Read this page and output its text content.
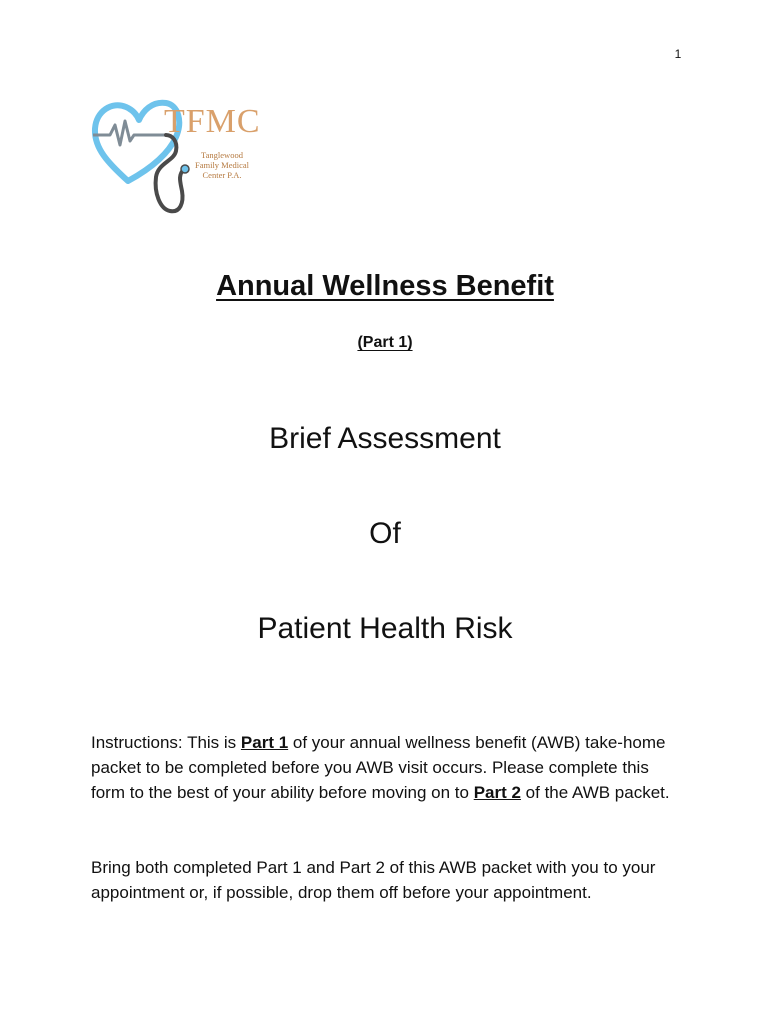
1
TFMC
Tanglewood Family Medical Center P.A.
Annual Wellness Benefit
(Part 1)
Brief Assessment
Of
Patient Health Risk
Instructions: This is Part 1 of your annual wellness benefit (AWB) take-home packet to be completed before you AWB visit occurs. Please complete this form to the best of your ability before moving on to Part 2 of the AWB packet.
Bring both completed Part 1 and Part 2 of this AWB packet with you to your appointment or, if possible, drop them off before your appointment.
